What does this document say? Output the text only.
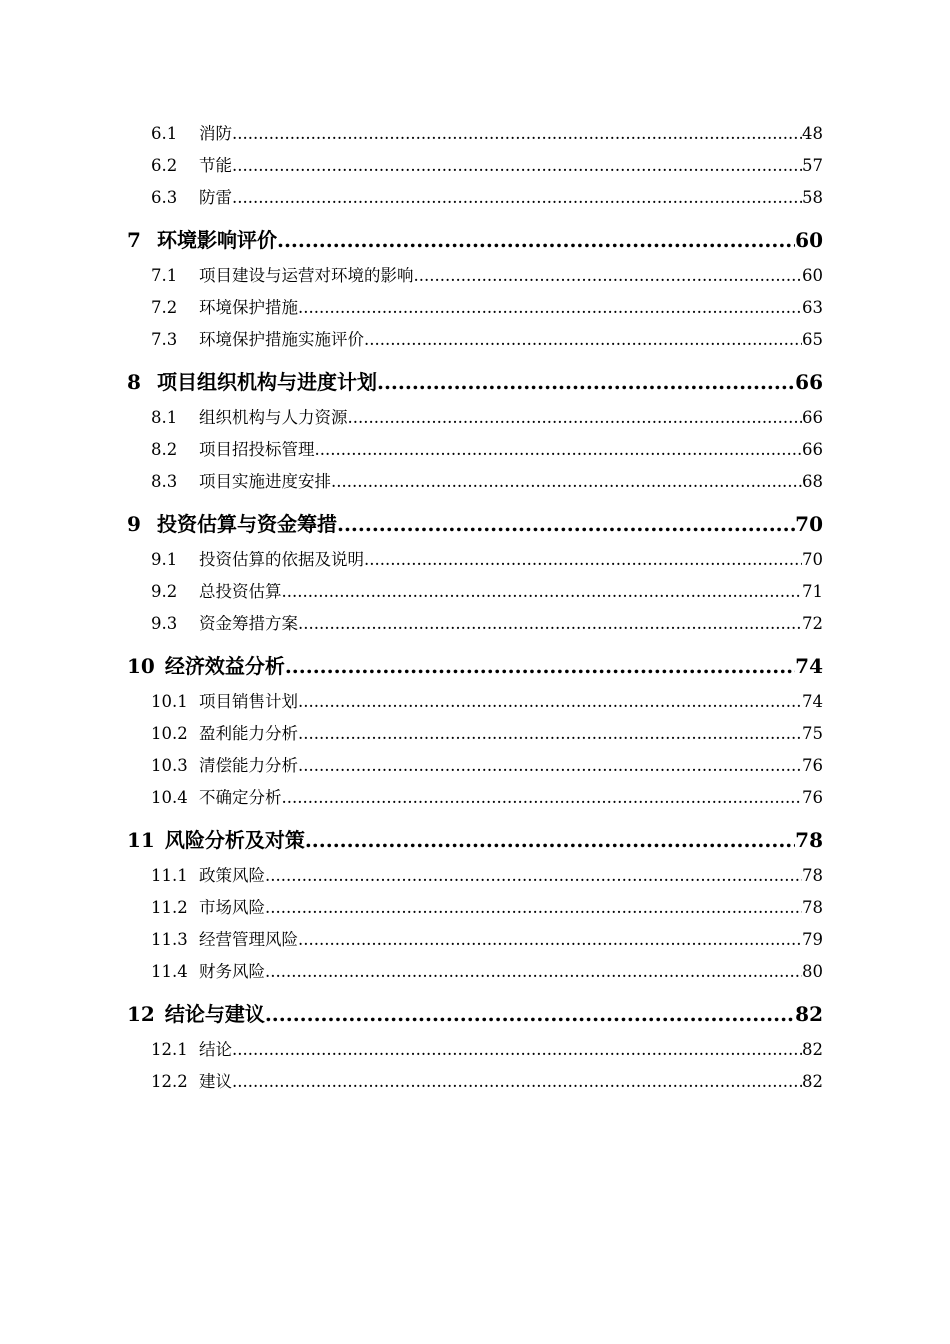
6.1	消防 .....	48
6.2	节能 .....	57
6.3	防雷 .....	58
7 环境影响评价 .....	60
7.1	项目建设与运营对环境的影响 .....	60
7.2	环境保护措施 .....	63
7.3	环境保护措施实施评价 .....	65
8 项目组织机构与进度计划 .....	66
8.1	组织机构与人力资源 .....	66
8.2	项目招投标管理 .....	66
8.3	项目实施进度安排 .....	68
9 投资估算与资金筹措 .....	70
9.1	投资估算的依据及说明 .....	70
9.2	总投资估算 .....	71
9.3	资金筹措方案 .....	72
10 经济效益分析 .....	74
10.1 项目销售计划 .....	74
10.2 盈利能力分析 .....	75
10.3 清偿能力分析 .....	76
10.4 不确定分析 .....	76
11 风险分析及对策 .....	78
11.1 政策风险 .....	78
11.2 市场风险 .....	78
11.3 经营管理风险 .....	79
11.4 财务风险 .....	80
12 结论与建议 .....	82
12.1 结论 .....	82
12.2 建议 .....	82
